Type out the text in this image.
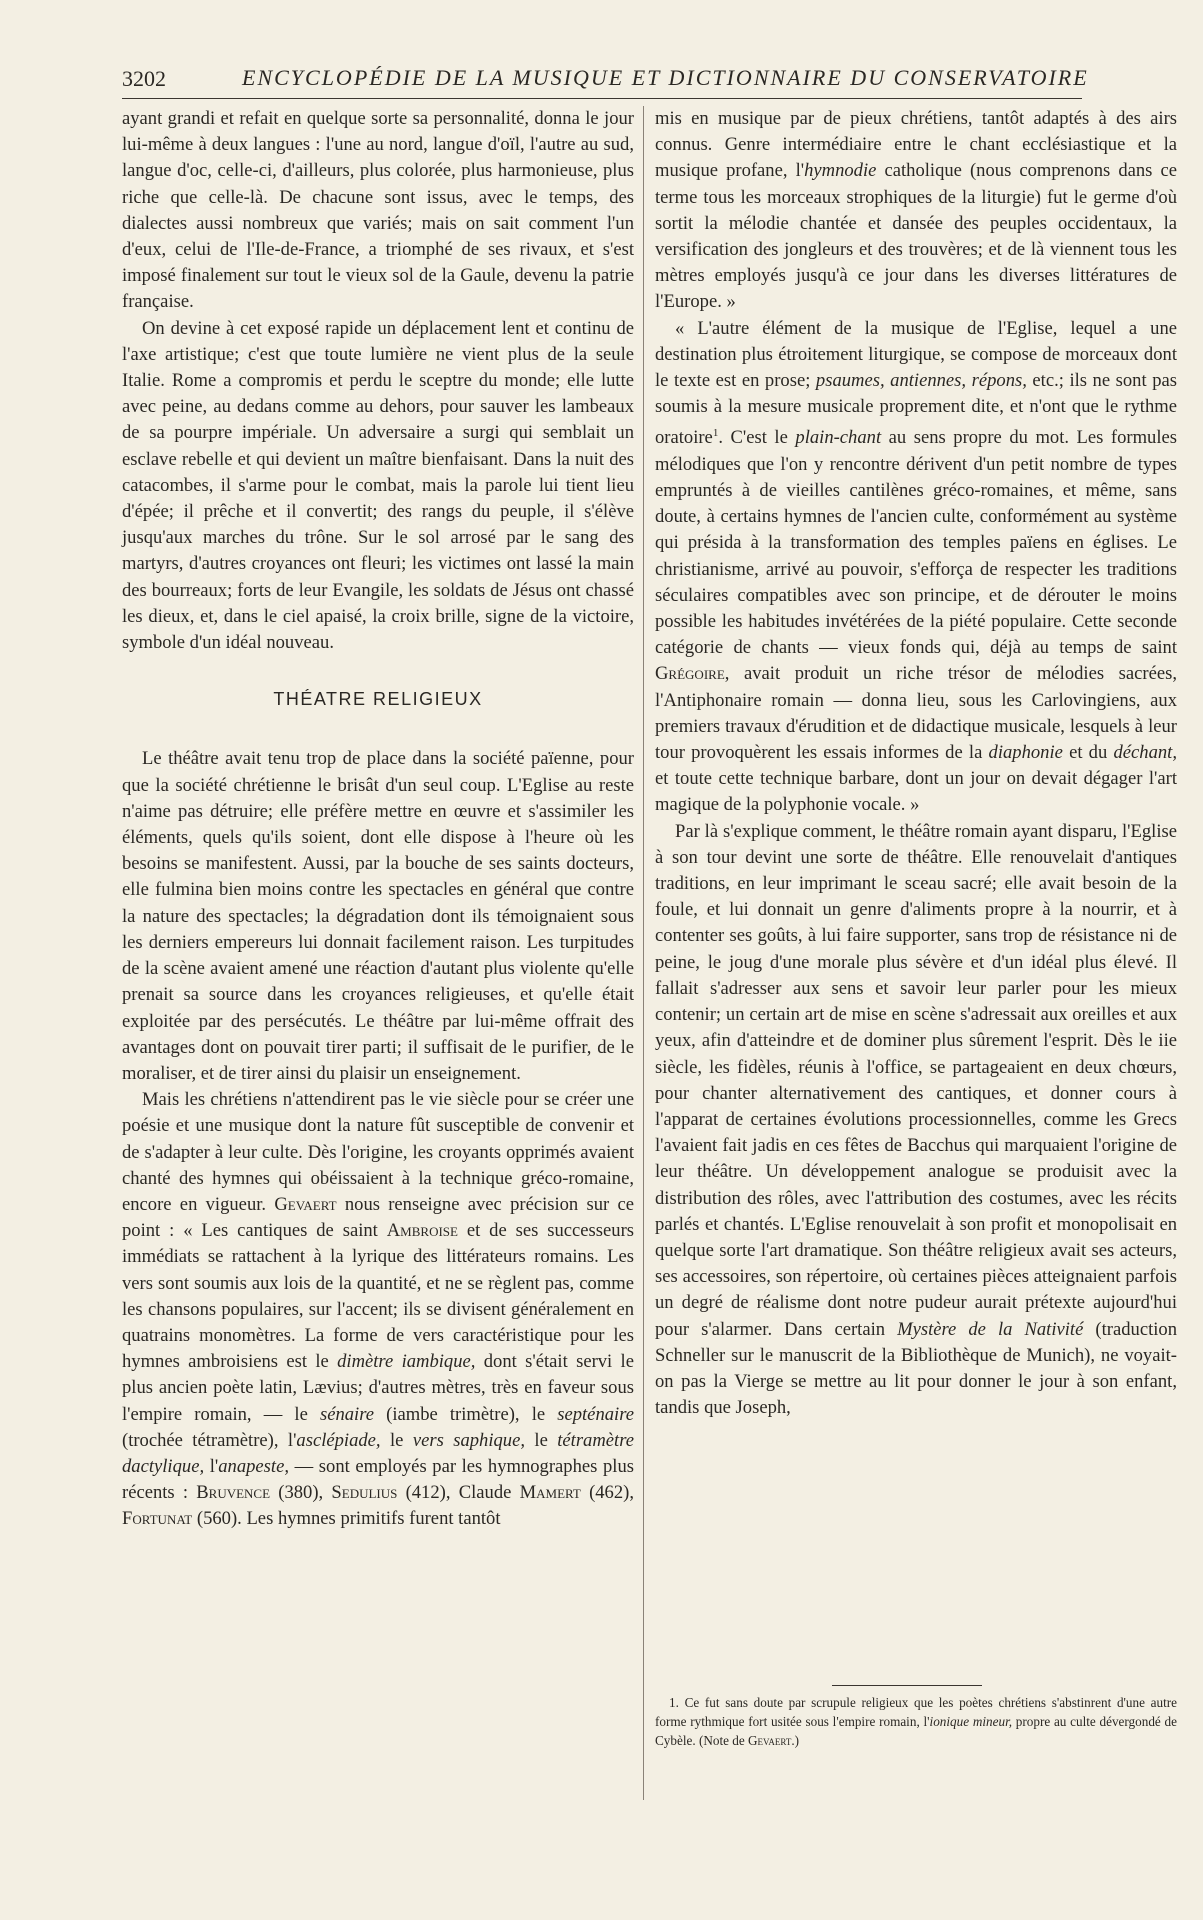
3202	ENCYCLOPÉDIE DE LA MUSIQUE ET DICTIONNAIRE DU CONSERVATOIRE

ayant grandi et refait en quelque sorte sa personnalité, donna le jour lui-même à deux langues : l'une au nord, langue d'oïl, l'autre au sud, langue d'oc, celle-ci, d'ailleurs, plus colorée, plus harmonieuse, plus riche que celle-là. De chacune sont issus, avec le temps, des dialectes aussi nombreux que variés; mais on sait comment l'un d'eux, celui de l'Ile-de-France, a triomphé de ses rivaux, et s'est imposé finalement sur tout le vieux sol de la Gaule, devenu la patrie française.

On devine à cet exposé rapide un déplacement lent et continu de l'axe artistique; c'est que toute lumière ne vient plus de la seule Italie. Rome a compromis et perdu le sceptre du monde; elle lutte avec peine, au dedans comme au dehors, pour sauver les lambeaux de sa pourpre impériale. Un adversaire a surgi qui semblait un esclave rebelle et qui devient un maître bienfaisant. Dans la nuit des catacombes, il s'arme pour le combat, mais la parole lui tient lieu d'épée; il prêche et il convertit; des rangs du peuple, il s'élève jusqu'aux marches du trône. Sur le sol arrosé par le sang des martyrs, d'autres croyances ont fleuri; les victimes ont lassé la main des bourreaux; forts de leur Evangile, les soldats de Jésus ont chassé les dieux, et, dans le ciel apaisé, la croix brille, signe de la victoire, symbole d'un idéal nouveau.

THÉATRE RELIGIEUX

Le théâtre avait tenu trop de place dans la société païenne, pour que la société chrétienne le brisât d'un seul coup. L'Eglise au reste n'aime pas détruire; elle préfère mettre en œuvre et s'assimiler les éléments, quels qu'ils soient, dont elle dispose à l'heure où les besoins se manifestent. Aussi, par la bouche de ses saints docteurs, elle fulmina bien moins contre les spectacles en général que contre la nature des spectacles; la dégradation dont ils témoignaient sous les derniers empereurs lui donnait facilement raison. Les turpitudes de la scène avaient amené une réaction d'autant plus violente qu'elle prenait sa source dans les croyances religieuses, et qu'elle était exploitée par des persécutés. Le théâtre par lui-même offrait des avantages dont on pouvait tirer parti; il suffisait de le purifier, de le moraliser, et de tirer ainsi du plaisir un enseignement.

Mais les chrétiens n'attendirent pas le vie siècle pour se créer une poésie et une musique dont la nature fût susceptible de convenir et de s'adapter à leur culte. Dès l'origine, les croyants opprimés avaient chanté des hymnes qui obéissaient à la technique gréco-romaine, encore en vigueur. Gevaert nous renseigne avec précision sur ce point : « Les cantiques de saint Ambroise et de ses successeurs immédiats se rattachent à la lyrique des littérateurs romains. Les vers sont soumis aux lois de la quantité, et ne se règlent pas, comme les chansons populaires, sur l'accent; ils se divisent généralement en quatrains monomètres. La forme de vers caractéristique pour les hymnes ambroisiens est le dimètre iambique, dont s'était servi le plus ancien poète latin, Lævius; d'autres mètres, très en faveur sous l'empire romain, — le sénaire (iambe trimètre), le septénaire (trochée tétramètre), l'asclépiade, le vers saphique, le tétramètre dactylique, l'anapeste, — sont employés par les hymnographes plus récents : Bruvence (380), Sedulius (412), Claude Mamert (462), Fortunat (560). Les hymnes primitifs furent tantôt

mis en musique par de pieux chrétiens, tantôt adaptés à des airs connus. Genre intermédiaire entre le chant ecclésiastique et la musique profane, l'hymnodie catholique (nous comprenons dans ce terme tous les morceaux strophiques de la liturgie) fut le germe d'où sortit la mélodie chantée et dansée des peuples occidentaux, la versification des jongleurs et des trouvères; et de là viennent tous les mètres employés jusqu'à ce jour dans les diverses littératures de l'Europe. »

« L'autre élément de la musique de l'Eglise, lequel a une destination plus étroitement liturgique, se compose de morceaux dont le texte est en prose; psaumes, antiennes, répons, etc.; ils ne sont pas soumis à la mesure musicale proprement dite, et n'ont que le rythme oratoire$^1$. C'est le plain-chant au sens propre du mot. Les formules mélodiques que l'on y rencontre dérivent d'un petit nombre de types empruntés à de vieilles cantilènes gréco-romaines, et même, sans doute, à certains hymnes de l'ancien culte, conformément au système qui présida à la transformation des temples païens en églises. Le christianisme, arrivé au pouvoir, s'efforça de respecter les traditions séculaires compatibles avec son principe, et de dérouter le moins possible les habitudes invétérées de la piété populaire. Cette seconde catégorie de chants — vieux fonds qui, déjà au temps de saint Grégoire, avait produit un riche trésor de mélodies sacrées, l'Antiphonaire romain — donna lieu, sous les Carlovingiens, aux premiers travaux d'érudition et de didactique musicale, lesquels à leur tour provoquèrent les essais informes de la diaphonie et du déchant, et toute cette technique barbare, dont un jour on devait dégager l'art magique de la polyphonie vocale. »

Par là s'explique comment, le théâtre romain ayant disparu, l'Eglise à son tour devint une sorte de théâtre. Elle renouvelait d'antiques traditions, en leur imprimant le sceau sacré; elle avait besoin de la foule, et lui donnait un genre d'aliments propre à la nourrir, et à contenter ses goûts, à lui faire supporter, sans trop de résistance ni de peine, le joug d'une morale plus sévère et d'un idéal plus élevé. Il fallait s'adresser aux sens et savoir leur parler pour les mieux contenir; un certain art de mise en scène s'adressait aux oreilles et aux yeux, afin d'atteindre et de dominer plus sûrement l'esprit. Dès le iie siècle, les fidèles, réunis à l'office, se partageaient en deux chœurs, pour chanter alternativement des cantiques, et donner cours à l'apparat de certaines évolutions processionnelles, comme les Grecs l'avaient fait jadis en ces fêtes de Bacchus qui marquaient l'origine de leur théâtre. Un développement analogue se produisit avec la distribution des rôles, avec l'attribution des costumes, avec les récits parlés et chantés. L'Eglise renouvelait à son profit et monopolisait en quelque sorte l'art dramatique. Son théâtre religieux avait ses acteurs, ses accessoires, son répertoire, où certaines pièces atteignaient parfois un degré de réalisme dont notre pudeur aurait prétexte aujourd'hui pour s'alarmer. Dans certain Mystère de la Nativité (traduction Schneller sur le manuscrit de la Bibliothèque de Munich), ne voyait-on pas la Vierge se mettre au lit pour donner le jour à son enfant, tandis que Joseph,

1. Ce fut sans doute par scrupule religieux que les poètes chrétiens s'abstinrent d'une autre forme rythmique fort usitée sous l'empire romain, l'ionique mineur, propre au culte dévergondé de Cybèle. (Note de Gevaert.)
